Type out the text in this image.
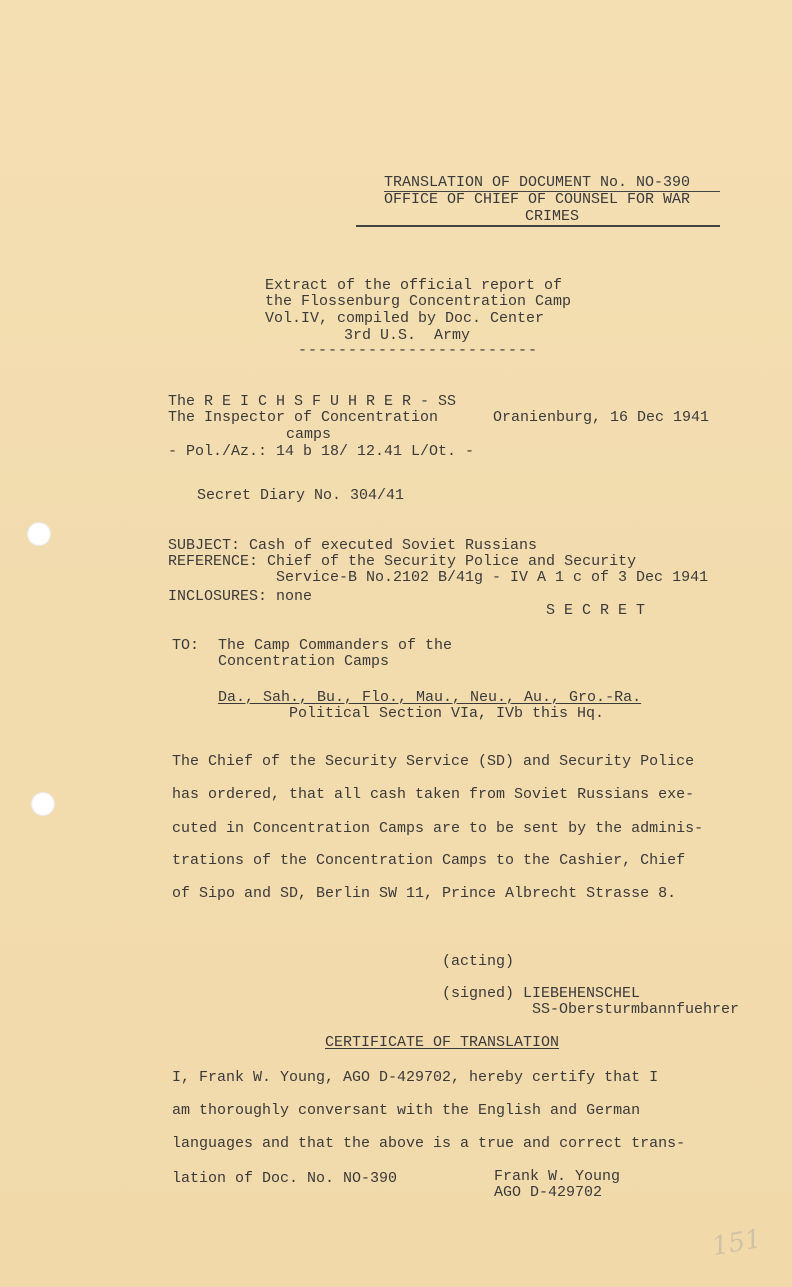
TRANSLATION OF DOCUMENT No. NO-390
OFFICE OF CHIEF OF COUNSEL FOR WAR
CRIMES
Extract of the official report of
the Flossenburg Concentration Camp
Vol.IV, compiled by Doc. Center
3rd U.S.  Army
------------------------
The R E I C H S F U H R E R - SS
The Inspector of Concentration	Oranienburg, 16 Dec 1941
camps
- Pol./Az.: 14 b 18/ 12.41 L/Ot. -
Secret Diary No. 304/41
SUBJECT: Cash of executed Soviet Russians
REFERENCE: Chief of the Security Police and Security
Service-B No.2102 B/41g - IV A 1 c of 3 Dec 1941
INCLOSURES: none
S E C R E T
TO: The Camp Commanders of the
Concentration Camps
Da., Sah., Bu., Flo., Mau., Neu., Au., Gro.-Ra.
Political Section VIa, IVb this Hq.
The Chief of the Security Service (SD) and Security Police
has ordered, that all cash taken from Soviet Russians exe-
cuted in Concentration Camps are to be sent by the adminis-
trations of the Concentration Camps to the Cashier, Chief
of Sipo and SD, Berlin SW 11, Prince Albrecht Strasse 8.
(acting)
(signed) LIEBEHENSCHEL
SS-Obersturmbannfuehrer
CERTIFICATE OF TRANSLATION
I, Frank W. Young, AGO D-429702, hereby certify that I
am thoroughly conversant with the English and German
languages and that the above is a true and correct trans-
lation of Doc. No. NO-390	Frank W. Young
AGO D-429702
151
